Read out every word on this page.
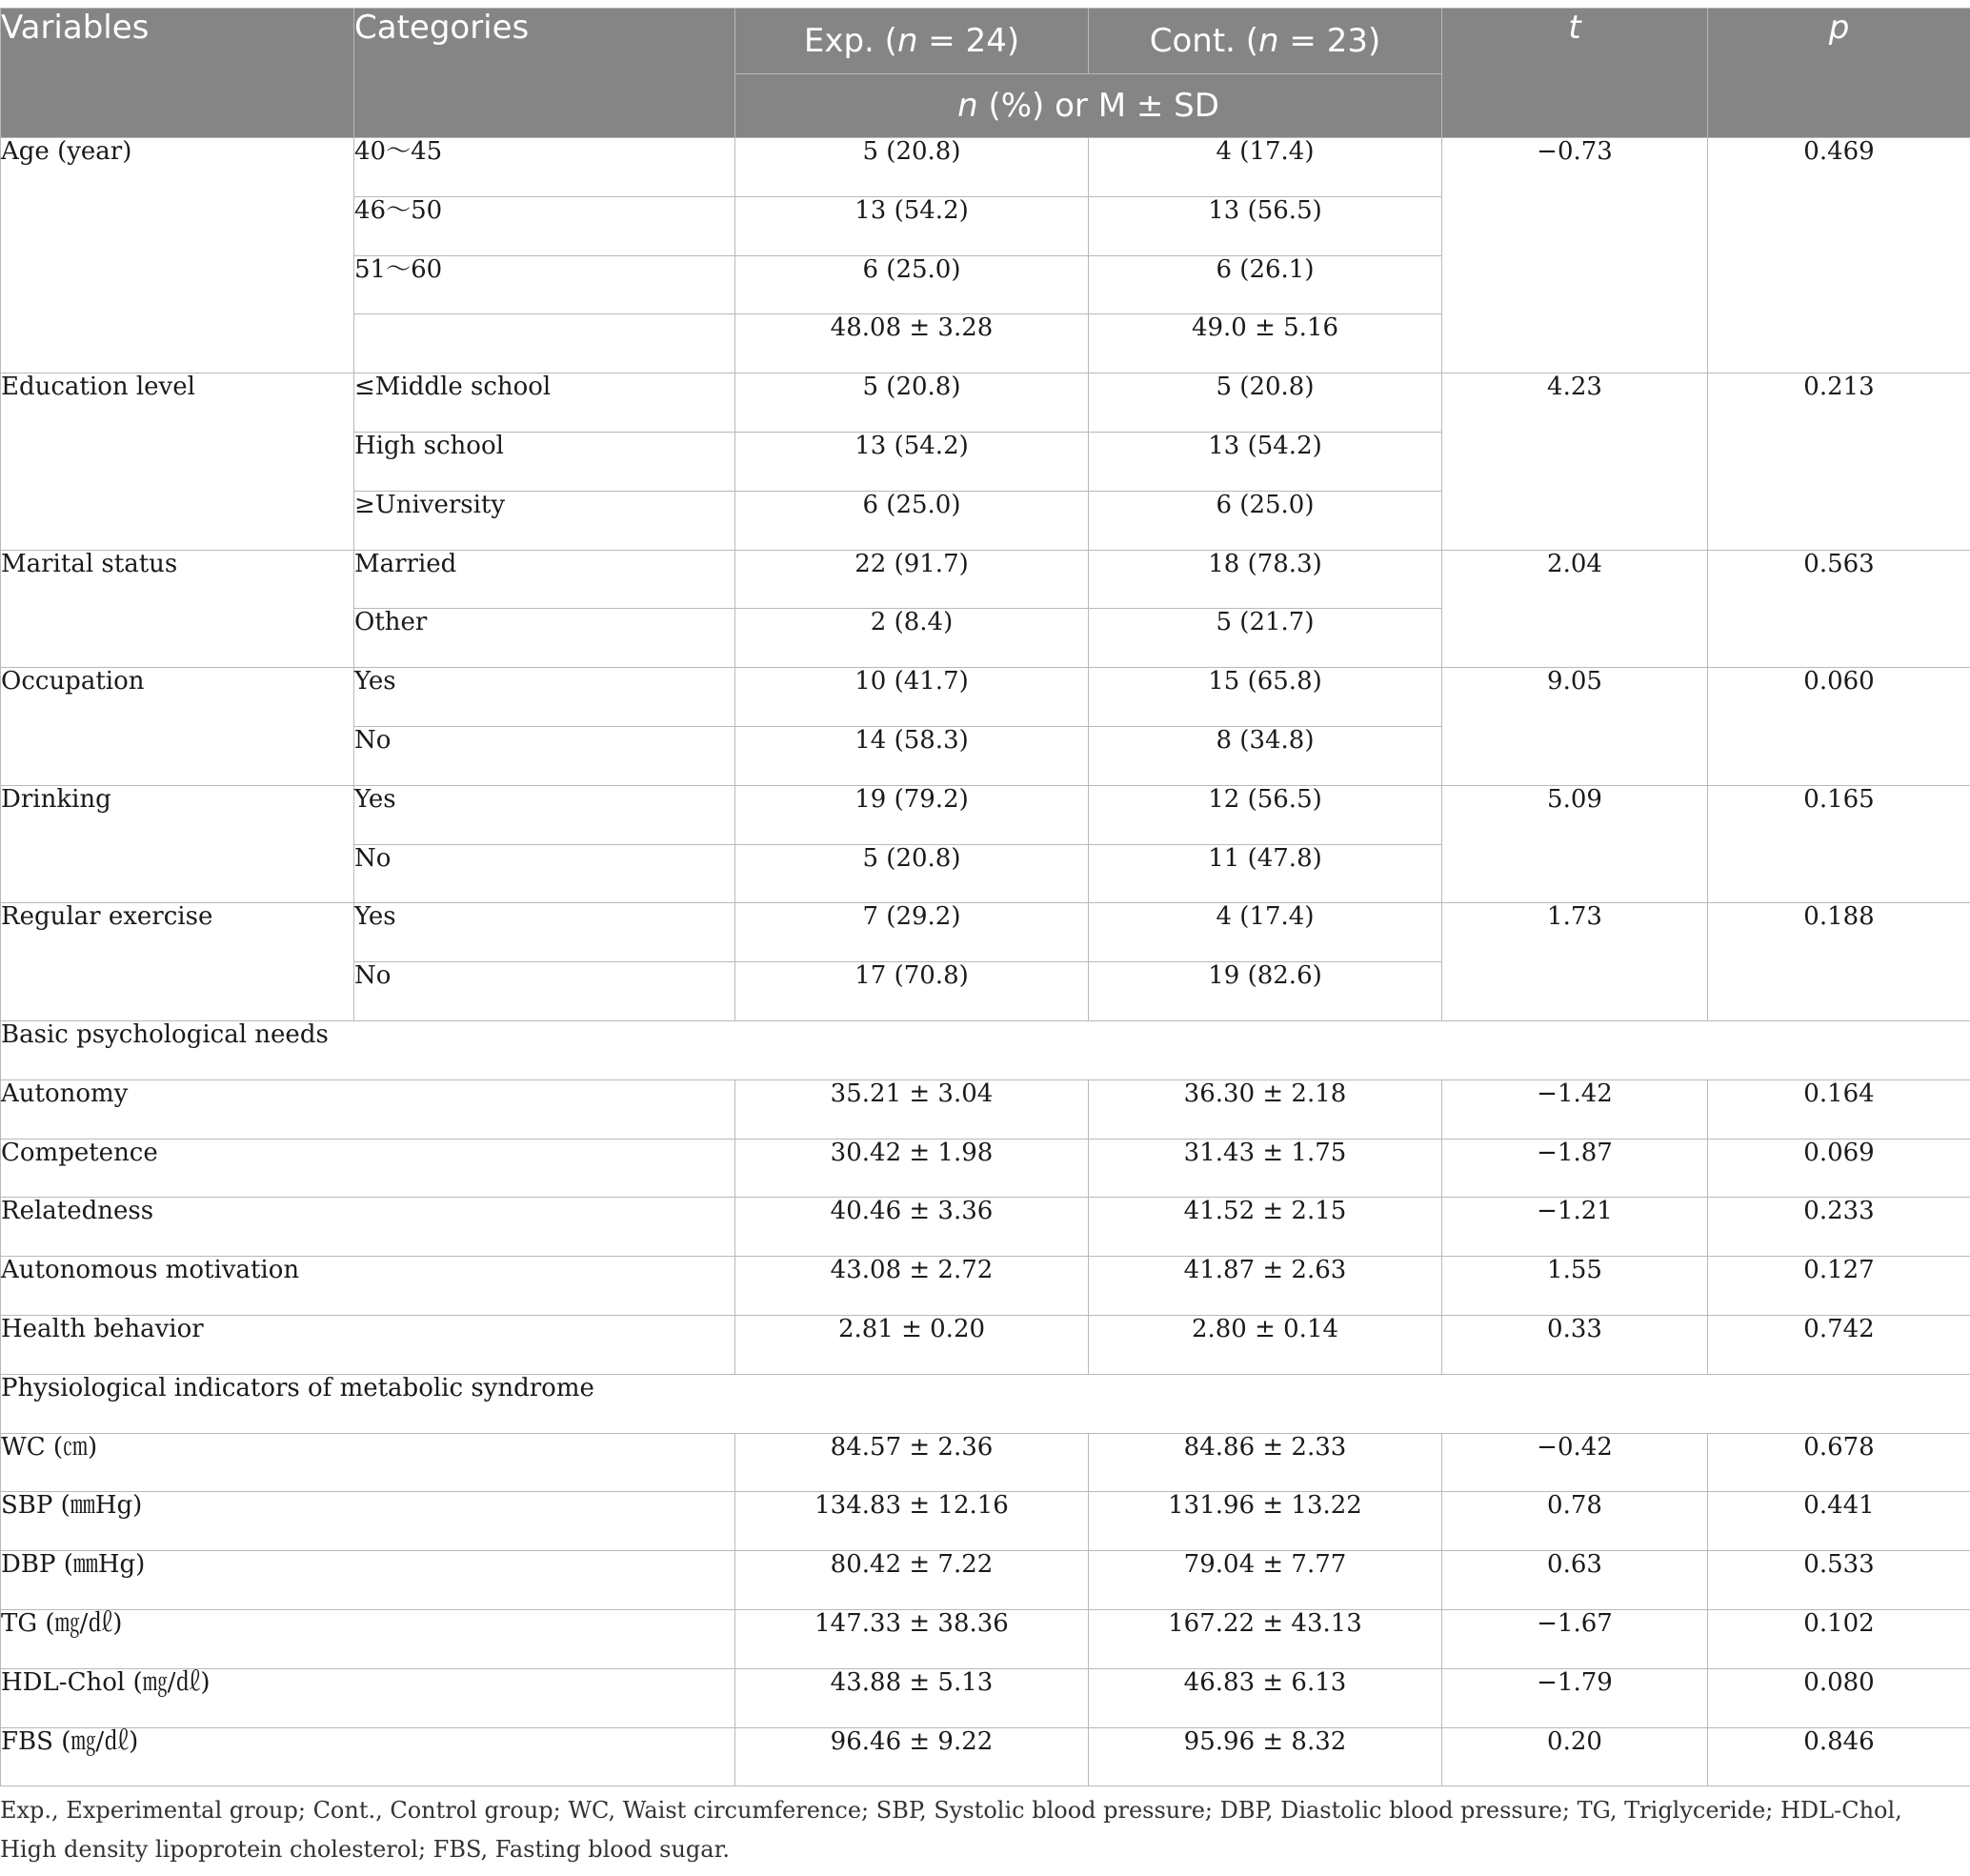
Variables	Categories	Exp. (n = 24)	Cont. (n = 23)	t	p
		n (%) or M ± SD			
Age (year)	40～45	5 (20.8)	4 (17.4)	−0.73	0.469
	46～50	13 (54.2)	13 (56.5)		
	51～60	6 (25.0)	6 (26.1)		
		48.08 ± 3.28	49.0 ± 5.16		
Education level	≤Middle school	5 (20.8)	5 (20.8)	4.23	0.213
	High school	13 (54.2)	13 (54.2)		
	≥University	6 (25.0)	6 (25.0)		
Marital status	Married	22 (91.7)	18 (78.3)	2.04	0.563
	Other	2 (8.4)	5 (21.7)		
Occupation	Yes	10 (41.7)	15 (65.8)	9.05	0.060
	No	14 (58.3)	8 (34.8)		
Drinking	Yes	19 (79.2)	12 (56.5)	5.09	0.165
	No	5 (20.8)	11 (47.8)		
Regular exercise	Yes	7 (29.2)	4 (17.4)	1.73	0.188
	No	17 (70.8)	19 (82.6)		
Basic psychological needs					
Autonomy		35.21 ± 3.04	36.30 ± 2.18	−1.42	0.164
Competence		30.42 ± 1.98	31.43 ± 1.75	−1.87	0.069
Relatedness		40.46 ± 3.36	41.52 ± 2.15	−1.21	0.233
Autonomous motivation		43.08 ± 2.72	41.87 ± 2.63	1.55	0.127
Health behavior		2.81 ± 0.20	2.80 ± 0.14	0.33	0.742
Physiological indicators of metabolic syndrome					
WC (㎝)		84.57 ± 2.36	84.86 ± 2.33	−0.42	0.678
SBP (㎜Hg)		134.83 ± 12.16	131.96 ± 13.22	0.78	0.441
DBP (㎜Hg)		80.42 ± 7.22	79.04 ± 7.77	0.63	0.533
TG (㎎/㎗)		147.33 ± 38.36	167.22 ± 43.13	−1.67	0.102
HDL-Chol (㎎/㎗)		43.88 ± 5.13	46.83 ± 6.13	−1.79	0.080
FBS (㎎/㎗)		96.46 ± 9.22	95.96 ± 8.32	0.20	0.846
Exp., Experimental group; Cont., Control group; WC, Waist circumference; SBP, Systolic blood pressure; DBP, Diastolic blood pressure; TG, Triglyceride; HDL-Chol, High density lipoprotein cholesterol; FBS, Fasting blood sugar.
